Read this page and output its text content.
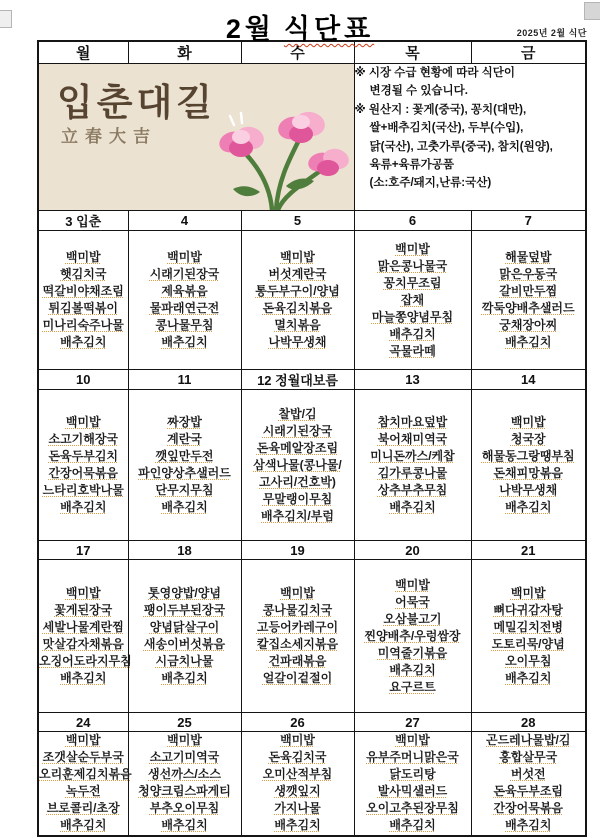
2월 식단표	2025년 2월 식단
월	화	수	목	금

입춘대길
立春大吉

※ 시장 수급 현황에 따라 식단이
변경될 수 있습니다.
※ 원산지 : 꽃게(중국), 꽁치(대만),
쌀+배추김치(국산), 두부(수입),
닭(국산), 고춧가루(중국), 참치(원양),
육류+육류가공품
(소:호주/돼지,난류:국산)

3 입춘	4	5	6	7

백미밥
햇김치국
떡갈비야채조림
튀김볼떡볶이
미나리숙주나물
배추김치

백미밥
시래기된장국
제육볶음
물파래연근전
콩나물무침
배추김치

백미밥
버섯계란국
통두부구이/양념
돈육김치볶음
멸치볶음
나박무생채

백미밥
맑은콩나물국
꽁치무조림
잡채
마늘쫑양념무침
배추김치
곡물라떼

해물덮밥
맑은우동국
갈비만두찜
깍둑양배추샐러드
궁채장아찌
배추김치

10	11	12 정월대보름	13	14

백미밥
소고기해장국
돈육두부김치
간장어묵볶음
느타리호박나물
배추김치

짜장밥
계란국
깻잎만두전
파인양상추샐러드
단무지무침
배추김치

찰밥/김
시래기된장국
돈육메알장조림
삼색나물(콩나물/
고사리/건호박)
무말랭이무침
배추김치/부럼

참치마요덮밥
북어채미역국
미니돈까스/케찹
김가루콩나물
상추부추무침
배추김치

백미밥
청국장
해물동그랑땡부침
돈채피망볶음
나박무생채
배추김치

17	18	19	20	21

백미밥
꽃게된장국
세발나물계란찜
맛살감자채볶음
오징어도라지무침
배추김치

톳영양밥/양념
팽이두부된장국
양념닭살구이
새송이버섯볶음
시금치나물
배추김치

백미밥
콩나물김치국
고등어카레구이
칼집소세지볶음
건파래볶음
얼갈이겉절이

백미밥
어묵국
오삼불고기
찐양배추/우렁쌈장
미역줄기볶음
배추김치
요구르트

백미밥
뼈다귀감자탕
메밀김치전병
도토리묵/양념
오이무침
배추김치

24	25	26	27	28

백미밥
조갯살순두부국
오리훈제김치볶음
녹두전
브로콜리/초장
배추김치

백미밥
소고기미역국
생선까스/소스
청양크림스파게티
부추오이무침
배추김치

백미밥
돈육김치국
오미산적부침
생깻잎지
가지나물
배추김치

백미밥
유부주머니맑은국
닭도리탕
발사믹샐러드
오이고추된장무침
배추김치

곤드레나물밥/김
홍합살무국
버섯전
돈육두부조림
간장어묵볶음
배추김치
